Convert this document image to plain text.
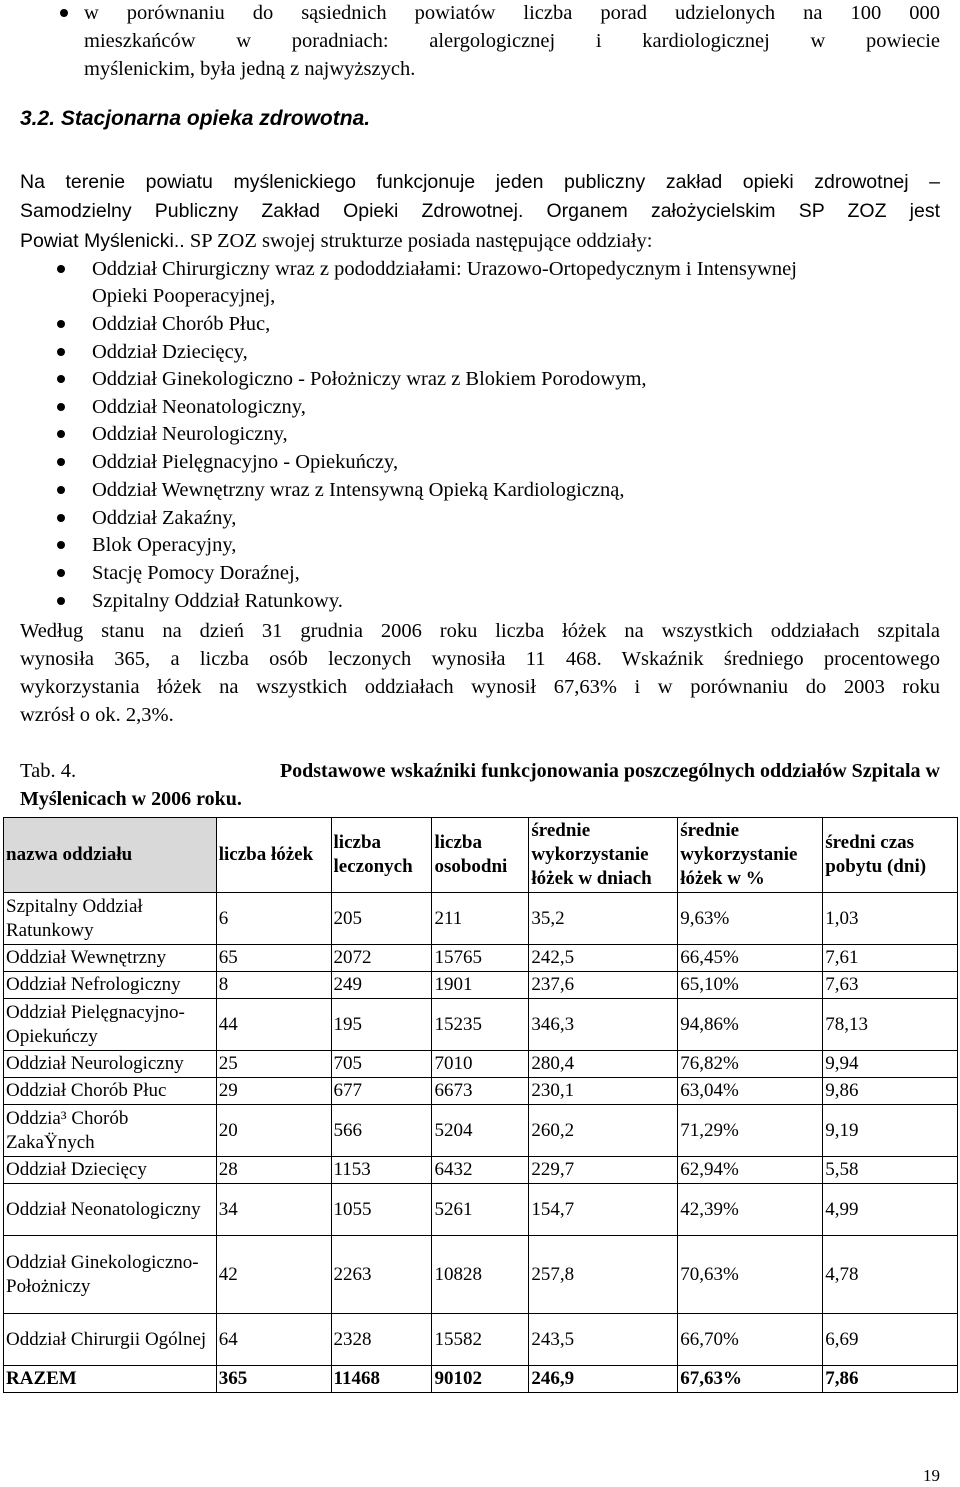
w porównaniu do sąsiednich powiatów liczba porad udzielonych na 100 000
mieszkańców w poradniach: alergologicznej i kardiologicznej w powiecie
myślenickim, była jedną z najwyższych.
3.2. Stacjonarna opieka zdrowotna.
Na terenie powiatu myślenickiego funkcjonuje jeden publiczny zakład opieki zdrowotnej –
Samodzielny Publiczny Zakład Opieki Zdrowotnej. Organem założycielskim SP ZOZ jest
Powiat Myślenicki.. SP ZOZ swojej strukturze posiada następujące oddziały:
Oddział Chirurgiczny wraz z pododdziałami: Urazowo-Ortopedycznym i Intensywnej
Opieki Pooperacyjnej,
Oddział Chorób Płuc,
Oddział Dziecięcy,
Oddział Ginekologiczno - Położniczy wraz z Blokiem Porodowym,
Oddział Neonatologiczny,
Oddział Neurologiczny,
Oddział Pielęgnacyjno - Opiekuńczy,
Oddział Wewnętrzny wraz z Intensywną Opieką Kardiologiczną,
Oddział Zakaźny,
Blok Operacyjny,
Stację Pomocy Doraźnej,
Szpitalny Oddział Ratunkowy.
Według stanu na dzień 31 grudnia 2006 roku liczba łóżek na wszystkich oddziałach szpitala
wynosiła 365, a liczba osób leczonych wynosiła 11 468. Wskaźnik średniego procentowego
wykorzystania łóżek na wszystkich oddziałach wynosił 67,63% i w porównaniu do 2003 roku
wzrósł o ok. 2,3%.
Tab. 4.	Podstawowe wskaźniki funkcjonowania poszczególnych oddziałów Szpitala w
Myślenicach w 2006 roku.
nazwa oddziału	liczba łóżek	liczba leczonych	liczba osobodni	średnie wykorzystanie łóżek w dniach	średnie wykorzystanie łóżek w %	średni czas pobytu (dni)
Szpitalny Oddział Ratunkowy	6	205	211	35,2	9,63%	1,03
Oddział Wewnętrzny	65	2072	15765	242,5	66,45%	7,61
Oddział Nefrologiczny	8	249	1901	237,6	65,10%	7,63
Oddział Pielęgnacyjno-Opiekuńczy	44	195	15235	346,3	94,86%	78,13
Oddział Neurologiczny	25	705	7010	280,4	76,82%	9,94
Oddział Chorób Płuc	29	677	6673	230,1	63,04%	9,86
Oddzia³ Chorób ZakaŸnych	20	566	5204	260,2	71,29%	9,19
Oddział Dziecięcy	28	1153	6432	229,7	62,94%	5,58
Oddział Neonatologiczny	34	1055	5261	154,7	42,39%	4,99
Oddział Ginekologiczno-Położniczy	42	2263	10828	257,8	70,63%	4,78
Oddział Chirurgii Ogólnej	64	2328	15582	243,5	66,70%	6,69
RAZEM	365	11468	90102	246,9	67,63%	7,86
19
